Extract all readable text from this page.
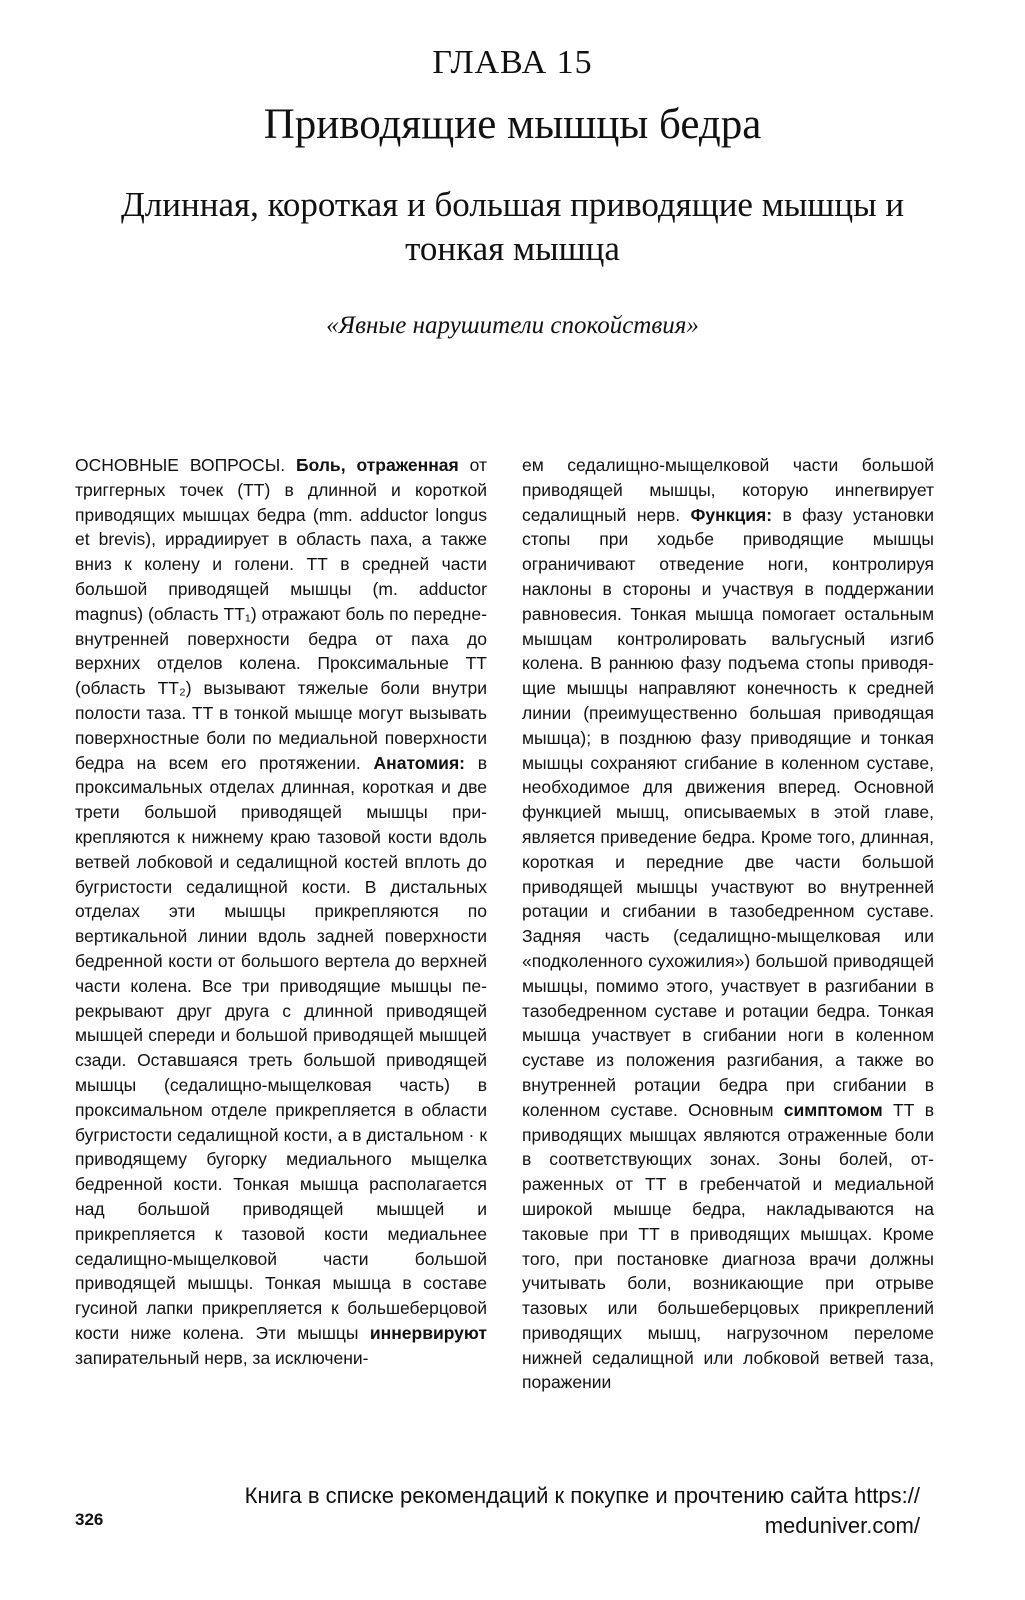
ГЛАВА 15
Приводящие мышцы бедра
Длинная, короткая и большая приводящие мышцы и тонкая мышца
«Явные нарушители спокойствия»

ОСНОВНЫЕ ВОПРОСЫ. Боль, отраженная от триггерных точек (ТТ) в длинной и короткой приводящих мышцах бедра (mm. adductor longus et brevis), иррадиирует в область паха, а также вниз к колену и голени. ТТ в средней части большой приводящей мышцы (m. adductor magnus) (область ТТ₁) отражают боль по передне-внутренней поверхности бедра от паха до верхних отделов колена. Проксимальные ТТ (область ТТ₂) вызывают тяжелые боли внутри полости таза. ТТ в тонкой мышце могут вызывать поверхностные боли по медиальной поверхности бедра на всем его протяжении. Анатомия: в проксимальных отделах длинная, короткая и две трети большой приводящей мышцы прикрепляются к нижнему краю тазовой кости вдоль ветвей лобковой и седалищной костей вплоть до бугристости седалищной кости. В дистальных отделах эти мышцы прикрепляются по вертикальной линии вдоль задней поверхности бедренной кости от большого вертела до верхней части колена. Все три приводящие мышцы перекрывают друг друга с длинной приводящей мышцей спереди и большой приводящей мышцей сзади. Оставшаяся треть большой приводящей мышцы (седалищно-мыщелковая часть) в проксимальном отделе прикрепляется в области бугристости седалищной кости, а в дистальном · к приводящему бугорку медиального мыщелка бедренной кости. Тонкая мышца располагается над большой приводящей мышцей и прикрепляется к тазовой кости медиальнее седалищно-мыщелковой части большой приводящей мышцы. Тонкая мышца в составе гусиной лапки прикрепляется к большеберцовой кости ниже колена. Эти мышцы иннервируют запирательный нерв, за исключени-

ем седалищно-мыщелковой части большой приводящей мышцы, которую инnerвирует седалищный нерв. Функция: в фазу установки стопы при ходьбе приводящие мышцы ограничивают отведение ноги, контролируя наклоны в стороны и участвуя в поддержании равновесия. Тонкая мышца помогает остальным мышцам контролировать вальгусный изгиб колена. В раннюю фазу подъема стопы приводящие мышцы направляют конечность к средней линии (преимущественно большая приводящая мышца); в позднюю фазу приводящие и тонкая мышцы сохраняют сгибание в коленном суставе, необходимое для движения вперед. Основной функцией мышц, описываемых в этой главе, является приведение бедра. Кроме того, длинная, короткая и передние две части большой приводящей мышцы участвуют во внутренней ротации и сгибании в тазобедренном суставе. Задняя часть (седалищно-мыщелковая или «подколенного сухожилия») большой приводящей мышцы, помимо этого, участвует в разгибании в тазобедренном суставе и ротации бедра. Тонкая мышца участвует в сгибании ноги в коленном суставе из положения разгибания, а также во внутренней ротации бедра при сгибании в коленном суставе. Основным симптомом ТТ в приводящих мышцах являются отраженные боли в соответствующих зонах. Зоны болей, отраженных от ТТ в гребенчатой и медиальной широкой мышце бедра, накладываются на таковые при ТТ в приводящих мышцах. Кроме того, при постановке диагноза врачи должны учитывать боли, возникающие при отрыве тазовых или большеберцовых прикреплений приводящих мышц, нагрузочном переломе нижней седалищной или лобковой ветвей таза, поражении

326
Книга в списке рекомендаций к покупке и прочтению сайта https://
meduniver.com/
